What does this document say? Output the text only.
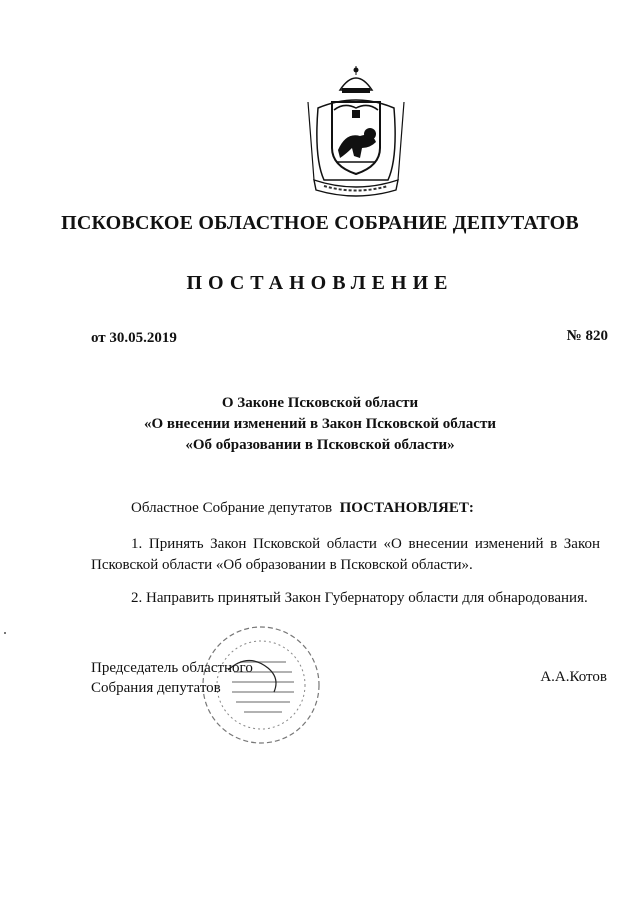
ПСКОВСКОЕ ОБЛАСТНОЕ СОБРАНИЕ ДЕПУТАТОВ
ПОСТАНОВЛЕНИЕ
от 30.05.2019	№ 820
О Законе Псковской области
«О внесении изменений в Закон Псковской области
«Об образовании в Псковской области»
Областное Собрание депутатов ПОСТАНОВЛЯЕТ:
1. Принять Закон Псковской области «О внесении изменений в Закон Псковской области «Об образовании в Псковской области».
2. Направить принятый Закон Губернатору области для обнародования.
Председатель областного
Собрания депутатов
А.А.Котов
